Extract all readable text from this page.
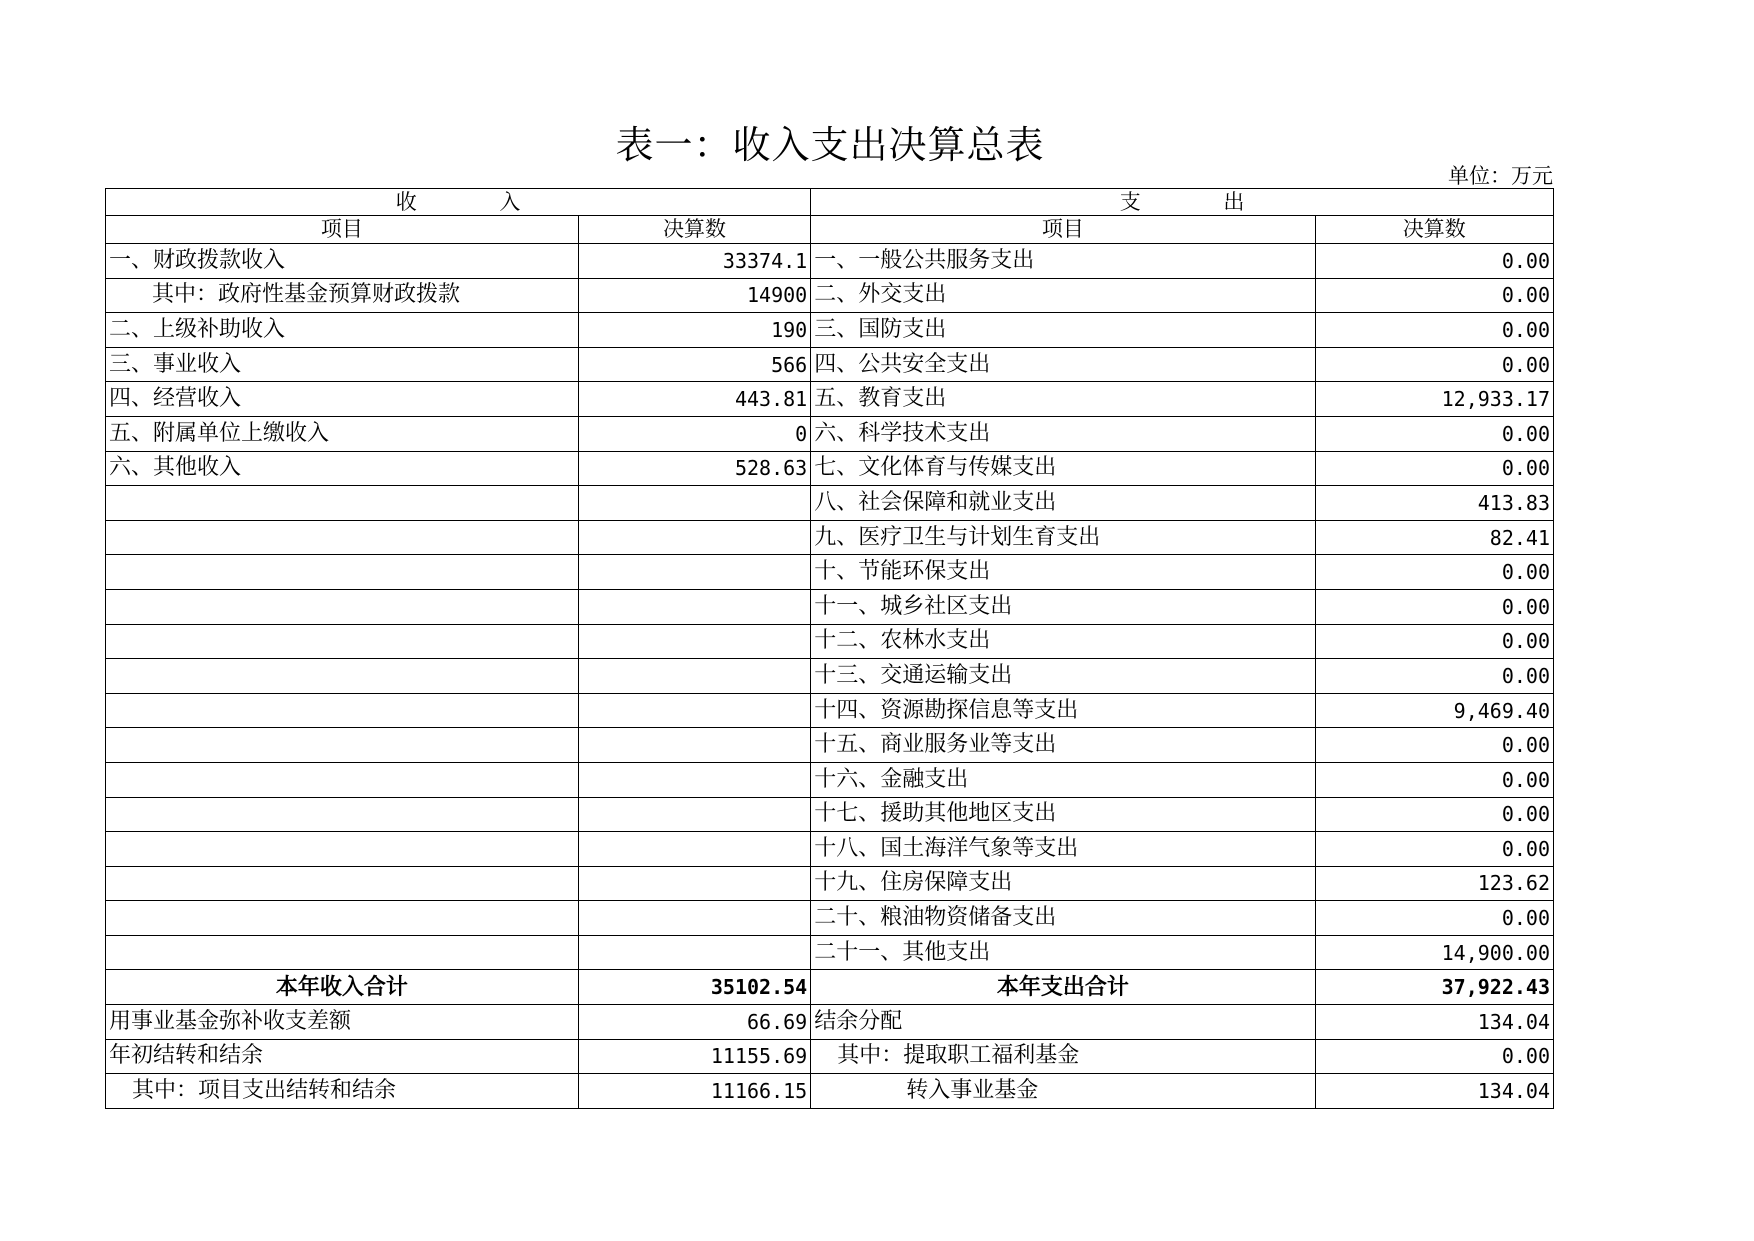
表一：收入支出决算总表
单位：万元
收 入		支 出	
项目	决算数	项目	决算数
一、财政拨款收入	33374.1	一、一般公共服务支出	0.00
其中：政府性基金预算财政拨款	14900	二、外交支出	0.00
二、上级补助收入	190	三、国防支出	0.00
三、事业收入	566	四、公共安全支出	0.00
四、经营收入	443.81	五、教育支出	12,933.17
五、附属单位上缴收入	0	六、科学技术支出	0.00
六、其他收入	528.63	七、文化体育与传媒支出	0.00
		八、社会保障和就业支出	413.83
		九、医疗卫生与计划生育支出	82.41
		十、节能环保支出	0.00
		十一、城乡社区支出	0.00
		十二、农林水支出	0.00
		十三、交通运输支出	0.00
		十四、资源勘探信息等支出	9,469.40
		十五、商业服务业等支出	0.00
		十六、金融支出	0.00
		十七、援助其他地区支出	0.00
		十八、国土海洋气象等支出	0.00
		十九、住房保障支出	123.62
		二十、粮油物资储备支出	0.00
		二十一、其他支出	14,900.00
本年收入合计	35102.54	本年支出合计	37,922.43
用事业基金弥补收支差额	66.69	结余分配	134.04
年初结转和结余	11155.69	其中：提取职工福利基金	0.00
其中：项目支出结转和结余	11166.15	转入事业基金	134.04
